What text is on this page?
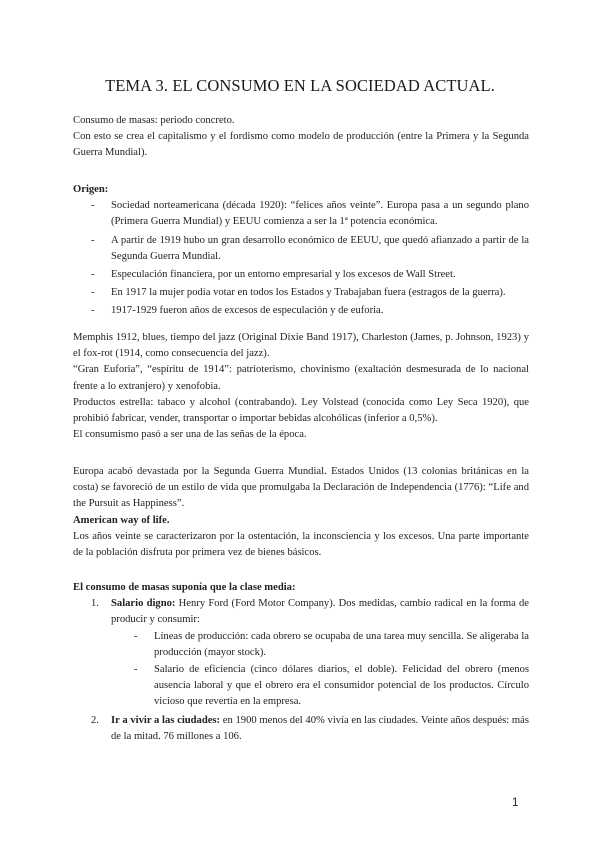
TEMA 3. EL CONSUMO EN LA SOCIEDAD ACTUAL.

Consumo de masas: periodo concreto.

Con esto se crea el capitalismo y el fordismo como modelo de producción (entre la Primera y la Segunda Guerra Mundial).

Origen:

- Sociedad norteamericana (década 1920): “felices años veinte”. Europa pasa a un segundo plano (Primera Guerra Mundial) y EEUU comienza a ser la 1ª potencia económica.
- A partir de 1919 hubo un gran desarrollo económico de EEUU, que quedó afianzado a partir de la Segunda Guerra Mundial.
- Especulación financiera, por un entorno empresarial y los excesos de Wall Street.
- En 1917 la mujer podía votar en todos los Estados y Trabajaban fuera (estragos de la guerra).
- 1917-1929 fueron años de excesos de especulación y de euforia.

Memphis 1912, blues, tiempo del jazz (Original Dixie Band 1917), Charleston (James, p. Johnson, 1923) y el fox-rot (1914, como consecuencia del jazz).

“Gran Euforia”, “espíritu de 1914”: patrioterismo, chovinismo (exaltación desmesurada de lo nacional frente a lo extranjero) y xenofobia.

Productos estrella: tabaco y alcohol (contrabando). Ley Volstead (conocida como Ley Seca 1920), que prohibió fabricar, vender, transportar o importar bebidas alcohólicas (inferior a 0,5%).

El consumismo pasó a ser una de las señas de la época.

Europa acabó devastada por la Segunda Guerra Mundial. Estados Unidos (13 colonias británicas en la costa) se favoreció de un estilo de vida que promulgaba la Declaración de Independencia (1776): “Life and the Pursuit as Happiness”.

American way of life.

Los años veinte se caracterizaron por la ostentación, la inconsciencia y los excesos. Una parte importante de la población disfruta por primera vez de bienes básicos.

El consumo de masas suponía que la clase media:

1. Salario digno: Henry Ford (Ford Motor Company). Dos medidas, cambio radical en la forma de producir y consumir:
- Líneas de producción: cada obrero se ocupaba de una tarea muy sencilla. Se aligeraba la producción (mayor stock).
- Salario de eficiencia (cinco dólares diarios, el doble). Felicidad del obrero (menos ausencia laboral y que el obrero era el consumidor potencial de los productos. Círculo vicioso que revertía en la empresa.
2. Ir a vivir a las ciudades: en 1900 menos del 40% vivía en las ciudades. Veinte años después: más de la mitad. 76 millones a 106.
1
